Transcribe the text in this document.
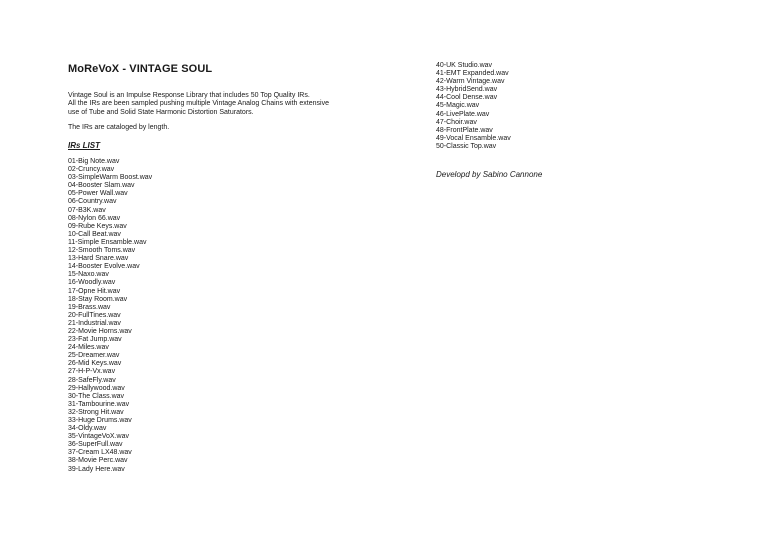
MoReVoX - VINTAGE SOUL
Vintage Soul is an Impulse Response Library that includes 50 Top Quality IRs.
All the IRs are been sampled pushing multiple Vintage Analog Chains with extensive
use of Tube and Solid State Harmonic Distortion Saturators.
The IRs are cataloged by length.
IRs LIST
01-Big Note.wav
02-Cruncy.wav
03-SimpleWarm Boost.wav
04-Booster Slam.wav
05-Power Wall.wav
06-Country.wav
07-B3K.wav
08-Nylon 66.wav
09-Rube Keys.wav
10-Call Beat.wav
11-Simple Ensamble.wav
12-Smooth Toms.wav
13-Hard Snare.wav
14-Booster Evolve.wav
15-Naxo.wav
16-Woodly.wav
17-Opne Hit.wav
18-Stay Room.wav
19-Brass.wav
20-FullTines.wav
21-Industrial.wav
22-Movie Horns.wav
23-Fat Jump.wav
24-Miles.wav
25-Dreamer.wav
26-Mid Keys.wav
27-H-P-Vx.wav
28-SafeFly.wav
29-Hallywood.wav
30-The Class.wav
31-Tambourine.wav
32-Strong Hit.wav
33-Huge Drums.wav
34-Oldy.wav
35-VintageVoX.wav
36-SuperFull.wav
37-Cream LX48.wav
38-Movie Perc.wav
39-Lady Here.wav
40-UK Studio.wav
41-EMT Expanded.wav
42-Warm Vintage.wav
43-HybridSend.wav
44-Cool Dense.wav
45-Magic.wav
46-LivePlate.wav
47-Choir.wav
48-FrontPlate.wav
49-Vocal Ensamble.wav
50-Classic Top.wav
Developd by Sabino Cannone
